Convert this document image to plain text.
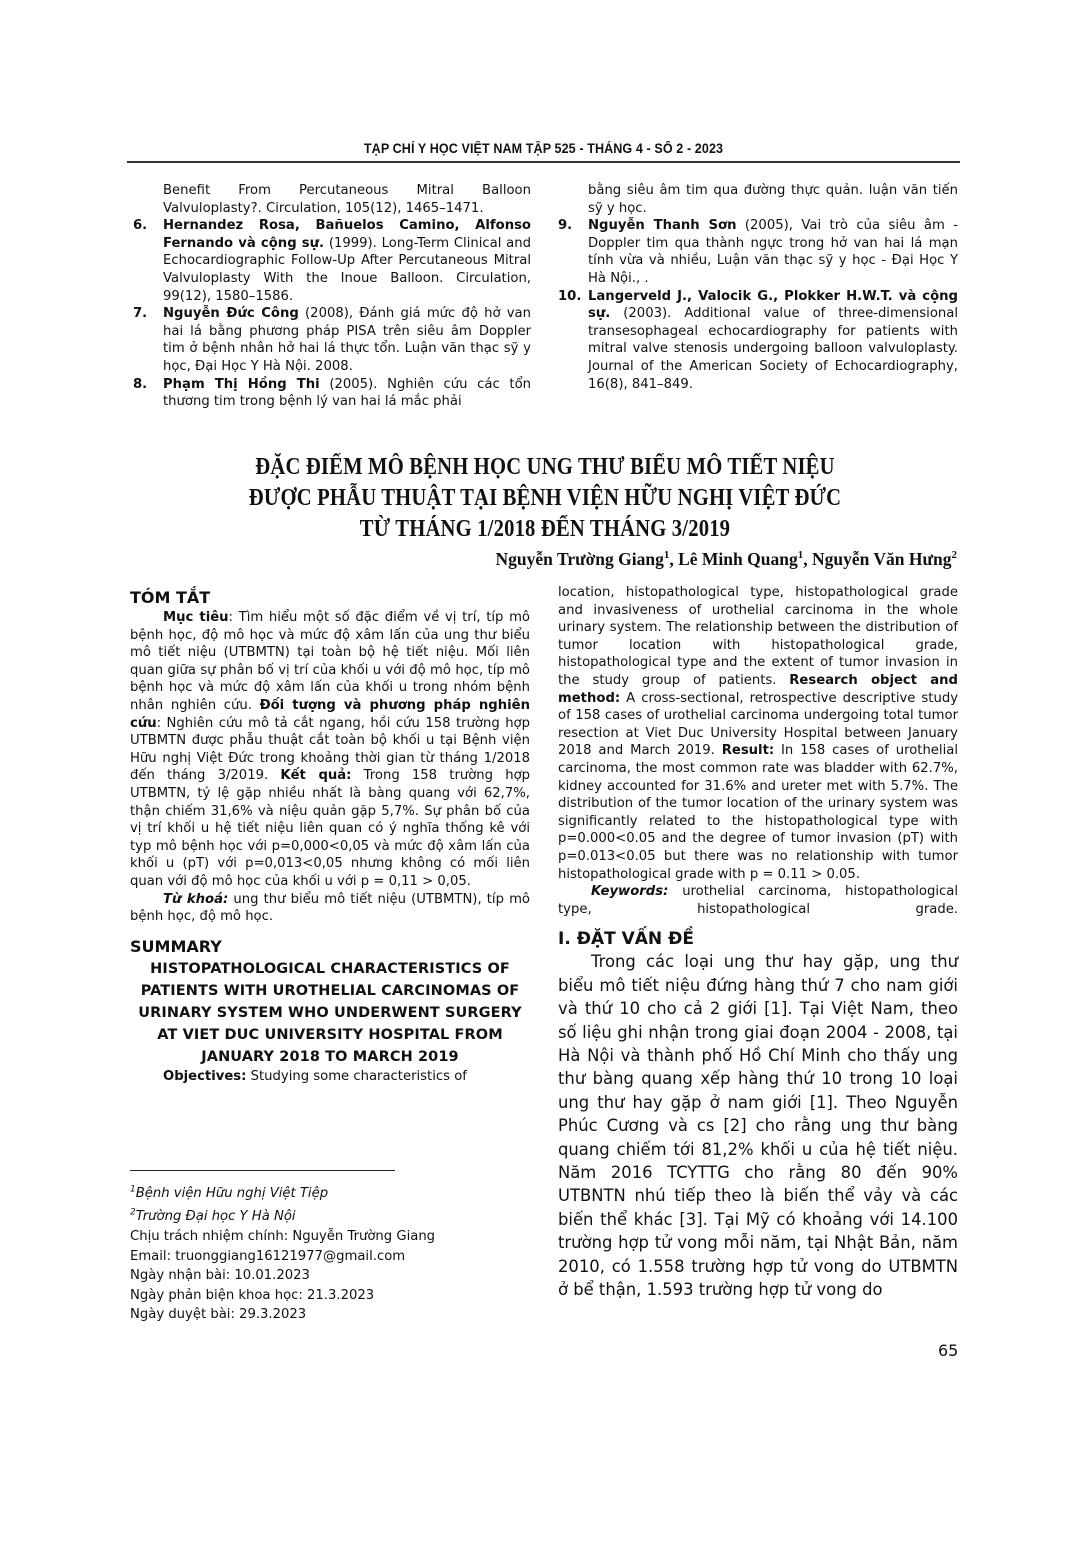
TẠP CHÍ Y HỌC VIỆT NAM TẬP 525 - THÁNG 4 - SỐ 2 - 2023
Benefit From Percutaneous Mitral Balloon Valvuloplasty?. Circulation, 105(12), 1465–1471.
6. Hernandez Rosa, Bañuelos Camino, Alfonso Fernando và cộng sự. (1999). Long-Term Clinical and Echocardiographic Follow-Up After Percutaneous Mitral Valvuloplasty With the Inoue Balloon. Circulation, 99(12), 1580–1586.
7. Nguyễn Đức Công (2008), Đánh giá mức độ hở van hai lá bằng phương pháp PISA trên siêu âm Doppler tim ở bệnh nhân hở hai lá thực tổn. Luận văn thạc sỹ y học, Đại Học Y Hà Nội. 2008.
8. Phạm Thị Hồng Thi (2005). Nghiên cứu các tổn thương tim trong bệnh lý van hai lá mắc phải
bằng siêu âm tim qua đường thực quản. luận văn tiến sỹ y học.
9. Nguyễn Thanh Sơn (2005), Vai trò của siêu âm - Doppler tim qua thành ngực trong hở van hai lá mạn tính vừa và nhiều, Luận văn thạc sỹ y học - Đại Học Y Hà Nội., .
10. Langerveld J., Valocik G., Plokker H.W.T. và cộng sự. (2003). Additional value of three-dimensional transesophageal echocardiography for patients with mitral valve stenosis undergoing balloon valvuloplasty. Journal of the American Society of Echocardiography, 16(8), 841–849.
ĐẶC ĐIỂM MÔ BỆNH HỌC UNG THƯ BIỂU MÔ TIẾT NIỆU
ĐƯỢC PHẪU THUẬT TẠI BỆNH VIỆN HỮU NGHỊ VIỆT ĐỨC
TỪ THÁNG 1/2018 ĐẾN THÁNG 3/2019
Nguyễn Trường Giang$^1$, Lê Minh Quang$^1$, Nguyễn Văn Hưng$^2$
TÓM TẮT

Mục tiêu: Tìm hiểu một số đặc điểm về vị trí, típ mô bệnh học, độ mô học và mức độ xâm lấn của ung thư biểu mô tiết niệu (UTBMTN) tại toàn bộ hệ tiết niệu. Mối liên quan giữa sự phân bố vị trí của khối u với độ mô học, típ mô bệnh học và mức độ xâm lấn của khối u trong nhóm bệnh nhân nghiên cứu. Đối tượng và phương pháp nghiên cứu: Nghiên cứu mô tả cắt ngang, hồi cứu 158 trường hợp UTBMTN được phẫu thuật cắt toàn bộ khối u tại Bệnh viện Hữu nghị Việt Đức trong khoảng thời gian từ tháng 1/2018 đến tháng 3/2019. Kết quả: Trong 158 trường hợp UTBMTN, tỷ lệ gặp nhiều nhất là bàng quang với 62,7%, thận chiếm 31,6% và niệu quản gặp 5,7%. Sự phân bố của vị trí khối u hệ tiết niệu liên quan có ý nghĩa thống kê với typ mô bệnh học với p=0,000<0,05 và mức độ xâm lấn của khối u (pT) với p=0,013<0,05 nhưng không có mối liên quan với độ mô học của khối u với p = 0,11 > 0,05.

Từ khoá: ung thư biểu mô tiết niệu (UTBMTN), típ mô bệnh học, độ mô học.

SUMMARY

HISTOPATHOLOGICAL CHARACTERISTICS OF PATIENTS WITH UROTHELIAL CARCINOMAS OF URINARY SYSTEM WHO UNDERWENT SURGERY AT VIET DUC UNIVERSITY HOSPITAL FROM JANUARY 2018 TO MARCH 2019

Objectives: Studying some characteristics of

$^1$Bệnh viện Hữu nghị Việt Tiệp
$^2$Trường Đại học Y Hà Nội
Chịu trách nhiệm chính: Nguyễn Trường Giang
Email: truonggiang16121977@gmail.com
Ngày nhận bài: 10.01.2023
Ngày phản biện khoa học: 21.3.2023
Ngày duyệt bài: 29.3.2023

location, histopathological type, histopathological grade and invasiveness of urothelial carcinoma in the whole urinary system. The relationship between the distribution of tumor location with histopathological grade, histopathological type and the extent of tumor invasion in the study group of patients. Research object and method: A cross-sectional, retrospective descriptive study of 158 cases of urothelial carcinoma undergoing total tumor resection at Viet Duc University Hospital between January 2018 and March 2019. Result: In 158 cases of urothelial carcinoma, the most common rate was bladder with 62.7%, kidney accounted for 31.6% and ureter met with 5.7%. The distribution of the tumor location of the urinary system was significantly related to the histopathological type with p=0.000<0.05 and the degree of tumor invasion (pT) with p=0.013<0.05 but there was no relationship with tumor histopathological grade with p = 0.11 > 0.05.

Keywords: urothelial carcinoma, histopathological type, histopathological grade.

I. ĐẶT VẤN ĐỀ

Trong các loại ung thư hay gặp, ung thư biểu mô tiết niệu đứng hàng thứ 7 cho nam giới và thứ 10 cho cả 2 giới [1]. Tại Việt Nam, theo số liệu ghi nhận trong giai đoạn 2004 - 2008, tại Hà Nội và thành phố Hồ Chí Minh cho thấy ung thư bàng quang xếp hàng thứ 10 trong 10 loại ung thư hay gặp ở nam giới [1]. Theo Nguyễn Phúc Cương và cs [2] cho rằng ung thư bàng quang chiếm tới 81,2% khối u của hệ tiết niệu. Năm 2016 TCYTTG cho rằng 80 đến 90% UTBNTN nhú tiếp theo là biến thể vảy và các biến thể khác [3]. Tại Mỹ có khoảng với 14.100 trường hợp tử vong mỗi năm, tại Nhật Bản, năm 2010, có 1.558 trường hợp tử vong do UTBMTN ở bể thận, 1.593 trường hợp tử vong do

65
